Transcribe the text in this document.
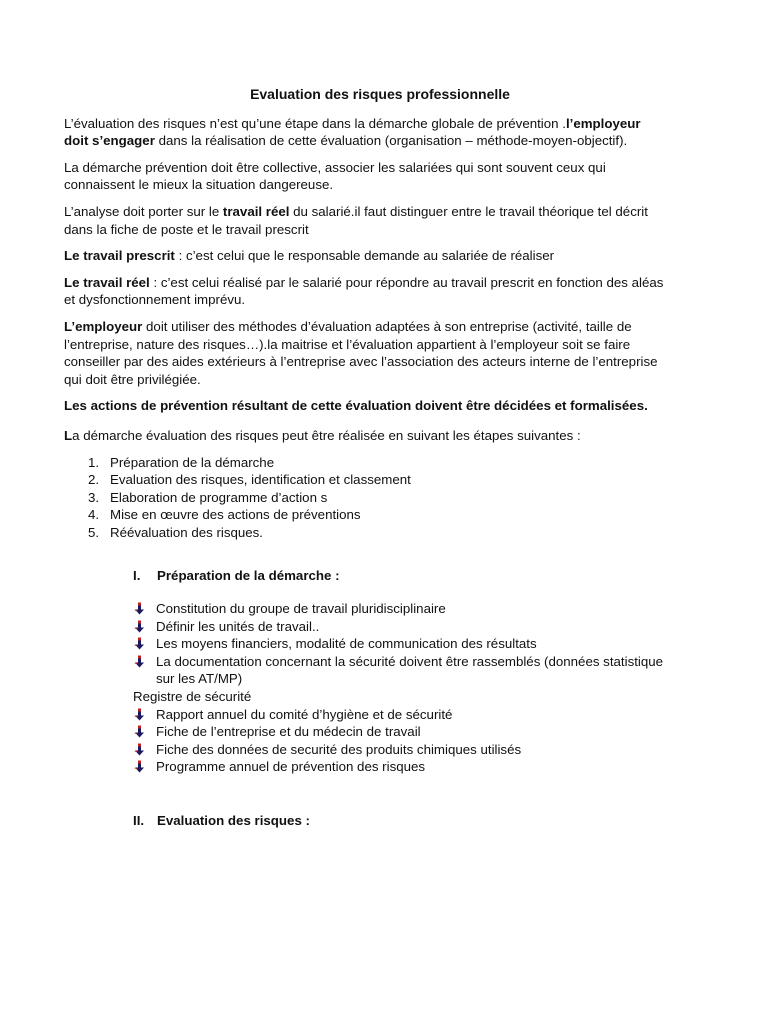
Evaluation des risques professionnelle

L’évaluation des risques n’est qu’une étape dans la démarche globale de prévention .l’employeur doit s’engager dans la réalisation de cette évaluation (organisation – méthode-moyen-objectif).

La démarche prévention doit être collective, associer les salariées qui sont souvent ceux qui connaissent le mieux la situation dangereuse.

L’analyse doit porter sur le travail réel du salarié.il faut distinguer entre le travail théorique tel décrit dans la fiche de poste et le travail prescrit

Le travail prescrit : c’est celui que le responsable demande au salariée de réaliser

Le travail réel : c’est celui réalisé par le salarié pour répondre au travail prescrit en fonction des aléas et dysfonctionnement imprévu.

L’employeur doit utiliser des méthodes d’évaluation adaptées à son entreprise (activité, taille de l’entreprise, nature des risques…).la maitrise et l’évaluation appartient à l’employeur soit se faire conseiller par des aides extérieurs à l’entreprise avec l’association des acteurs interne de l’entreprise qui doit être privilégiée.

Les actions de prévention résultant de cette évaluation doivent être décidées et formalisées.

La démarche évaluation des risques peut être réalisée en suivant les étapes suivantes :

1. Préparation de la démarche
2. Evaluation des risques, identification et classement
3. Elaboration de programme d’action s
4. Mise en œuvre des actions de préventions
5. Réévaluation des risques.
I. Préparation de la démarche :
Constitution du groupe de travail pluridisciplinaire
Définir les unités de travail..
Les moyens financiers, modalité de communication des résultats
La documentation concernant la sécurité doivent être rassemblés (données statistique sur les AT/MP)
Registre de sécurité
Rapport annuel du comité d’hygiène et de sécurité
Fiche de l’entreprise et du médecin de travail
Fiche des données de securité des produits chimiques utilisés
Programme annuel de prévention des risques
II. Evaluation des risques :
